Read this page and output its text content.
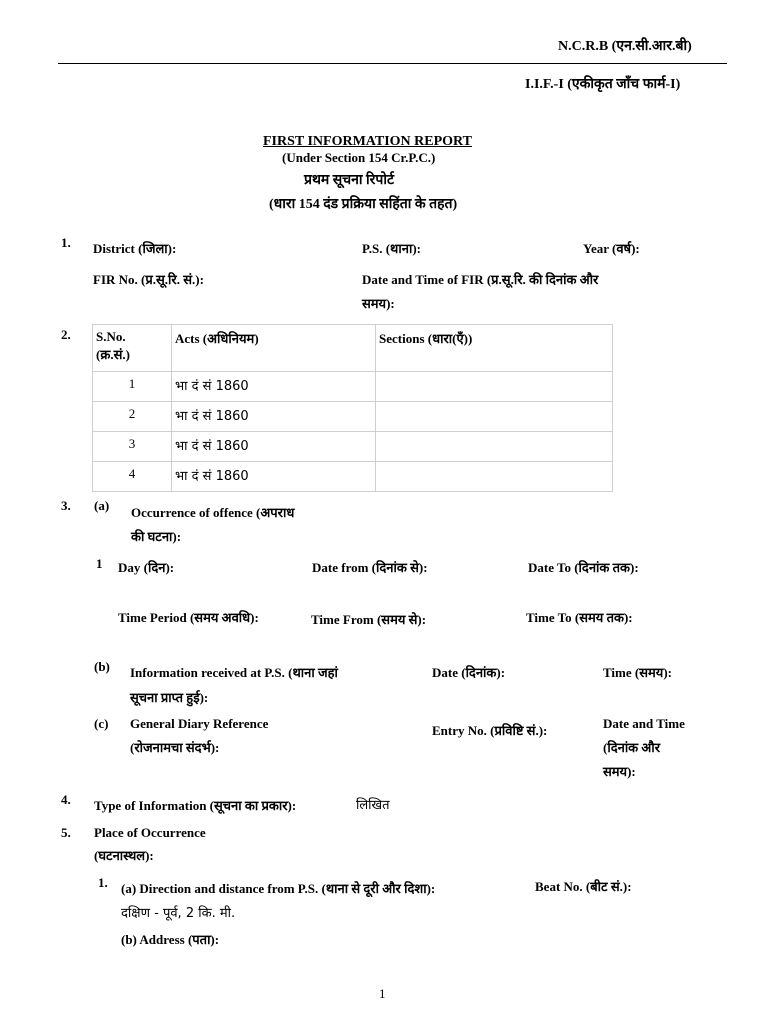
N.C.R.B (एन.सी.आर.बी)
I.I.F.-I (एकीकृत जाँच फार्म-I)
FIRST INFORMATION REPORT
(Under Section 154 Cr.P.C.)
प्रथम सूचना रिपोर्ट
(धारा 154 दंड प्रक्रिया सहिंता के तहत)
1. District (जिला):	P.S. (थाना):	Year (वर्ष):
FIR No. (प्र.सू.रि. सं.):	Date and Time of FIR (प्र.सू.रि. की दिनांक और
समय):
2. S.No.
(क्र.सं.)	Acts (अधिनियम)	Sections (धारा(एँ))
1	भा दं सं 1860	
2	भा दं सं 1860	
3	भा दं सं 1860	
4	भा दं सं 1860	
3. (a) Occurrence of offence (अपराध
की घटना):
1 Day (दिन):	Date from (दिनांक से):	Date To (दिनांक तक):
Time Period (समय अवधि):	Time From (समय से):	Time To (समय तक):
(b) Information received at P.S. (थाना जहां
सूचना प्राप्त हुई):
Date (दिनांक):	Time (समय):
(c) General Diary Reference
(रोजनामचा संदर्भ):
Entry No. (प्रविष्टि सं.):	Date and Time
(दिनांक और
समय):
4. Type of Information (सूचना का प्रकार):	लिखित
5. Place of Occurrence
(घटनास्थल):
1. (a) Direction and distance from P.S. (थाना से दूरी और दिशा):	Beat No. (बीट सं.):
दक्षिण - पूर्व, 2 कि. मी.
(b) Address (पता):
1
